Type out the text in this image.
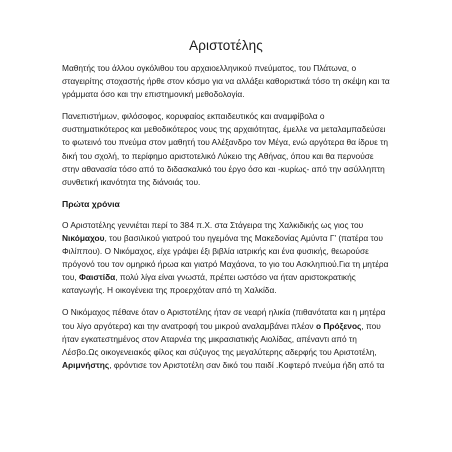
Αριστοτέλης

Μαθητής του άλλου ογκόλιθου του αρχαιοελληνικού πνεύματος, του Πλάτωνα, ο σταγειρίτης στοχαστής ήρθε στον κόσμο για να αλλάξει καθοριστικά τόσο τη σκέψη και τα γράμματα όσο και την επιστημονική μεθοδολογία.

Πανεπιστήμων, φιλόσοφος, κορυφαίος εκπαιδευτικός και αναμφίβολα ο συστηματικότερος και μεθοδικότερος νους της αρχαιότητας, έμελλε να μεταλαμπαδεύσει το φωτεινό του πνεύμα στον μαθητή του Αλέξανδρο τον Μέγα, ενώ αργότερα θα ίδρυε τη δική του σχολή, το περίφημο αριστοτελικό Λύκειο της Αθήνας, όπου και θα περνούσε στην αθανασία τόσο από το διδασκαλικό του έργο όσο και -κυρίως- από την ασύλληπτη συνθετική ικανότητα της διάνοιάς του.

Πρώτα χρόνια

Ο Αριστοτέλης γεννιέται περί το 384 π.Χ. στα Στάγειρα της Χαλκιδικής ως γιος του Νικόμαχου, του βασιλικού γιατρού του ηγεμόνα της Μακεδονίας Αμύντα Γ' (πατέρα του Φιλίππου). Ο Νικόμαχος, είχε γράψει έξι βιβλία ιατρικής και ένα φυσικής, θεωρούσε πρόγονό του τον ομηρικό ήρωα και γιατρό Μαχάονα, το γιο του Ασκληπιού.Για τη μητέρα του, Φαιστίδα, πολύ λίγα είναι γνωστά, πρέπει ωστόσο να ήταν αριστοκρατικής καταγωγής. Η οικογένεια της προερχόταν από τη Χαλκίδα.

Ο Νικόμαχος πέθανε όταν ο Αριστοτέλης ήταν σε νεαρή ηλικία (πιθανότατα και η μητέρα του λίγο αργότερα) και την ανατροφή του μικρού αναλαμβάνει πλέον ο Πρόξενος, που ήταν εγκατεστημένος στον Αταρνέα της μικρασιατικής Αιολίδας, απέναντι από τη Λέσβο.Ως οικογενειακός φίλος και σύζυγος της μεγαλύτερης αδερφής του Αριστοτέλη, Αριμνήστης, φρόντισε τον Αριστοτέλη σαν δικό του παιδί .Κοφτερό πνεύμα ήδη από τα
